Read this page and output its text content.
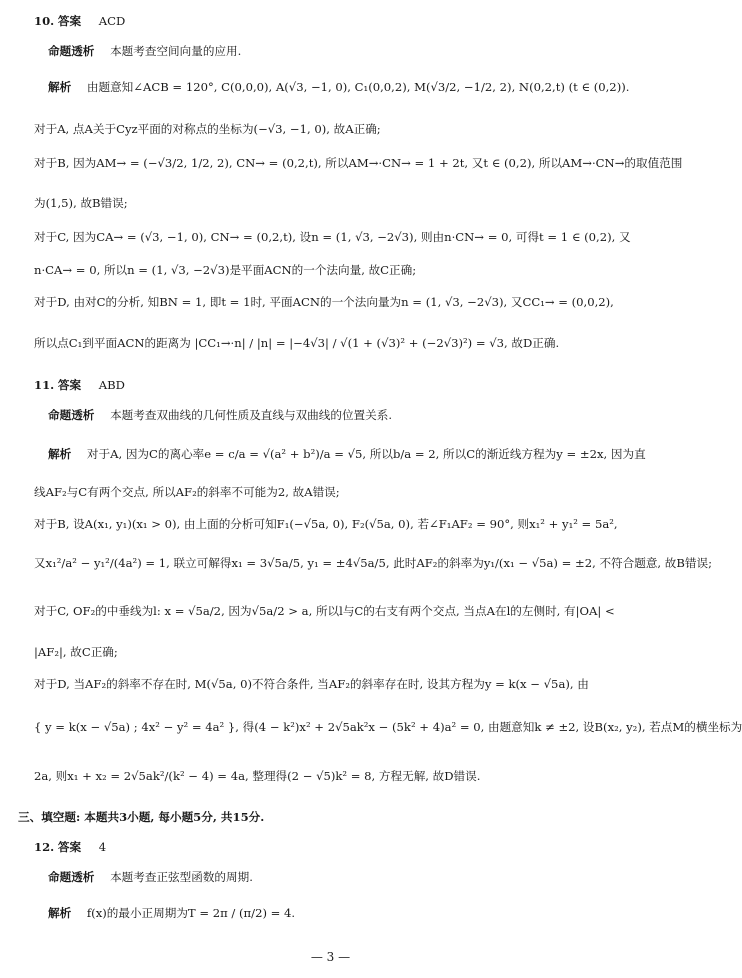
10. 答案 ACD
命题透析 本题考查空间向量的应用.
解析 由题意知∠ACB = 120°, C(0,0,0), A(√3, −1, 0), C₁(0,0,2), M(√3/2, −1/2, 2), N(0,2,t) (t ∈ (0,2)).
对于A, 点A关于Cyz平面的对称点的坐标为(−√3, −1, 0), 故A正确;
对于B, 因为AM→ = (−√3/2, 1/2, 2), CN→ = (0,2,t), 所以AM→·CN→ = 1 + 2t, 又t ∈ (0,2), 所以AM→·CN→的取值范围
为(1,5), 故B错误;
对于C, 因为CA→ = (√3, −1, 0), CN→ = (0,2,t), 设n = (1, √3, −2√3), 则由n·CN→ = 0, 可得t = 1 ∈ (0,2), 又
n·CA→ = 0, 所以n = (1, √3, −2√3)是平面ACN的一个法向量, 故C正确;
对于D, 由对C的分析, 知BN = 1, 即t = 1时, 平面ACN的一个法向量为n = (1, √3, −2√3), 又CC₁→ = (0,0,2),
所以点C₁到平面ACN的距离为 |CC₁→·n| / |n| = |−4√3| / √(1 + (√3)² + (−2√3)²) = √3, 故D正确.
11. 答案 ABD
命题透析 本题考查双曲线的几何性质及直线与双曲线的位置关系.
解析 对于A, 因为C的离心率e = c/a = √(a² + b²)/a = √5, 所以b/a = 2, 所以C的渐近线方程为y = ±2x, 因为直
线AF₂与C有两个交点, 所以AF₂的斜率不可能为2, 故A错误;
对于B, 设A(x₁, y₁)(x₁ > 0), 由上面的分析可知F₁(−√5a, 0), F₂(√5a, 0), 若∠F₁AF₂ = 90°, 则x₁² + y₁² = 5a²,
又x₁²/a² − y₁²/(4a²) = 1, 联立可解得x₁ = 3√5a/5, y₁ = ±4√5a/5, 此时AF₂的斜率为y₁/(x₁ − √5a) = ±2, 不符合题意, 故B错误;
对于C, OF₂的中垂线为l: x = √5a/2, 因为√5a/2 > a, 所以l与C的右支有两个交点, 当点A在l的左侧时, 有|OA| <
|AF₂|, 故C正确;
对于D, 当AF₂的斜率不存在时, M(√5a, 0)不符合条件, 当AF₂的斜率存在时, 设其方程为y = k(x − √5a), 由
{ y = k(x − √5a) ; 4x² − y² = 4a² }, 得(4 − k²)x² + 2√5ak²x − (5k² + 4)a² = 0, 由题意知k ≠ ±2, 设B(x₂, y₂), 若点M的横坐标为
2a, 则x₁ + x₂ = 2√5ak²/(k² − 4) = 4a, 整理得(2 − √5)k² = 8, 方程无解, 故D错误.
三、填空题: 本题共3小题, 每小题5分, 共15分.
12. 答案 4
命题透析 本题考查正弦型函数的周期.
解析 f(x)的最小正周期为T = 2π / (π/2) = 4.
— 3 —
